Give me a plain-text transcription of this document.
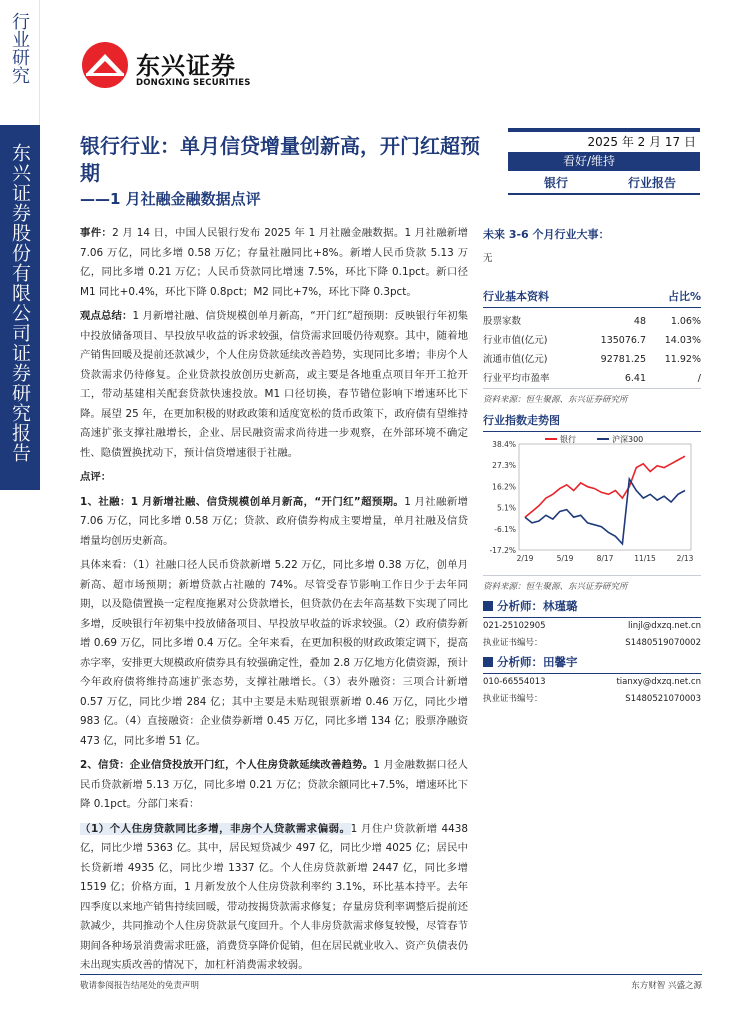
行业研究
东兴证券股份有限公司证券研究报告
东兴证券
DONGXING SECURITIES
银行行业：单月信贷增量创新高，开门红超预期
——1 月社融金融数据点评
2025 年 2 月 17 日
看好/维持
银行	行业报告

事件：2 月 14 日，中国人民银行发布 2025 年 1 月社融金融数据。1 月社融新增 7.06 万亿，同比多增 0.58 万亿；存量社融同比+8%。新增人民币贷款 5.13 万亿，同比多增 0.21 万亿；人民币贷款同比增速 7.5%，环比下降 0.1pct。新口径 M1 同比+0.4%，环比下降 0.8pct；M2 同比+7%，环比下降 0.3pct。

观点总结：1 月新增社融、信贷规模创单月新高，“开门红”超预期：反映银行年初集中投放储备项目、早投放早收益的诉求较强，信贷需求回暖仍待观察。其中，随着地产销售回暖及提前还款减少，个人住房贷款延续改善趋势，实现同比多增；非房个人贷款需求仍待修复。企业贷款投放创历史新高，或主要是各地重点项目年开工抢开工，带动基建相关配套贷款快速投放。M1 口径切换，春节错位影响下增速环比下降。展望 25 年，在更加积极的财政政策和适度宽松的货币政策下，政府债有望维持高速扩张支撑社融增长，企业、居民融资需求尚待进一步观察，在外部环境不确定性、隐债置换扰动下，预计信贷增速很于社融。

点评：

1、社融：1 月新增社融、信贷规模创单月新高，“开门红”超预期。1 月社融新增 7.06 万亿，同比多增 0.58 万亿；贷款、政府债券构成主要增量，单月社融及信贷增量均创历史新高。

具体来看：（1）社融口径人民币贷款新增 5.22 万亿，同比多增 0.38 万亿，创单月新高、超市场预期；新增贷款占社融的 74%。尽管受春节影响工作日少于去年同期，以及隐债置换一定程度拖累对公贷款增长，但贷款仍在去年高基数下实现了同比多增，反映银行年初集中投放储备项目、早投放早收益的诉求较强。（2）政府债券新增 0.69 万亿，同比多增 0.4 万亿。全年来看，在更加积极的财政政策定调下，提高赤字率，安排更大规模政府债券具有较强确定性，叠加 2.8 万亿地方化债资源，预计今年政府债将维持高速扩张态势，支撑社融增长。（3）表外融资：三项合计新增 0.57 万亿，同比少增 284 亿；其中主要是未贴现银票新增 0.46 万亿，同比少增 983 亿。（4）直接融资：企业债券新增 0.45 万亿，同比多增 134 亿；股票净融资 473 亿，同比多增 51 亿。

2、信贷：企业信贷投放开门红，个人住房贷款延续改善趋势。1 月金融数据口径人民币贷款新增 5.13 万亿，同比多增 0.21 万亿；贷款余额同比+7.5%，增速环比下降 0.1pct。分部门来看：

（1）个人住房贷款同比多增，非房个人贷款需求偏弱。1 月住户贷款新增 4438 亿，同比少增 5363 亿。其中，居民短贷减少 497 亿，同比少增 4025 亿；居民中长贷新增 4935 亿，同比少增 1337 亿。个人住房贷款新增 2447 亿，同比多增 1519 亿；价格方面，1 月新发放个人住房贷款利率约 3.1%，环比基本持平。去年四季度以来地产销售持续回暖，带动按揭贷款需求修复；存量房贷利率调整后提前还款减少，共同推动个人住房贷款景气度回升。个人非房贷款需求修复较慢，尽管春节期间各种场景消费需求旺盛，消费贷享降价促销，但在居民就业收入、资产负债表仍未出现实质改善的情况下，加杠杆消费需求较弱。

未来 3-6 个月行业大事：
无
行业基本资料	占比%
股票家数	48	1.06%
行业市值(亿元)	135076.7	14.03%
流通市值(亿元)	92781.25	11.92%
行业平均市盈率	6.41	/
资料来源：恒生聚源、东兴证券研究所
行业指数走势图
38.4%
27.3%
16.2%
5.1%
-6.1%
-17.2%
2/19	5/19	8/17	11/15	2/13
银行	沪深300
资料来源：恒生聚源、东兴证券研究所
分析师：林瑾璐
021-25102905	linjl@dxzq.net.cn
执业证书编号：	S1480519070002
分析师：田馨宇
010-66554013	tianxy@dxzq.net.cn
执业证书编号：	S1480521070003
敬请参阅报告结尾处的免责声明	东方财智 兴盛之源
